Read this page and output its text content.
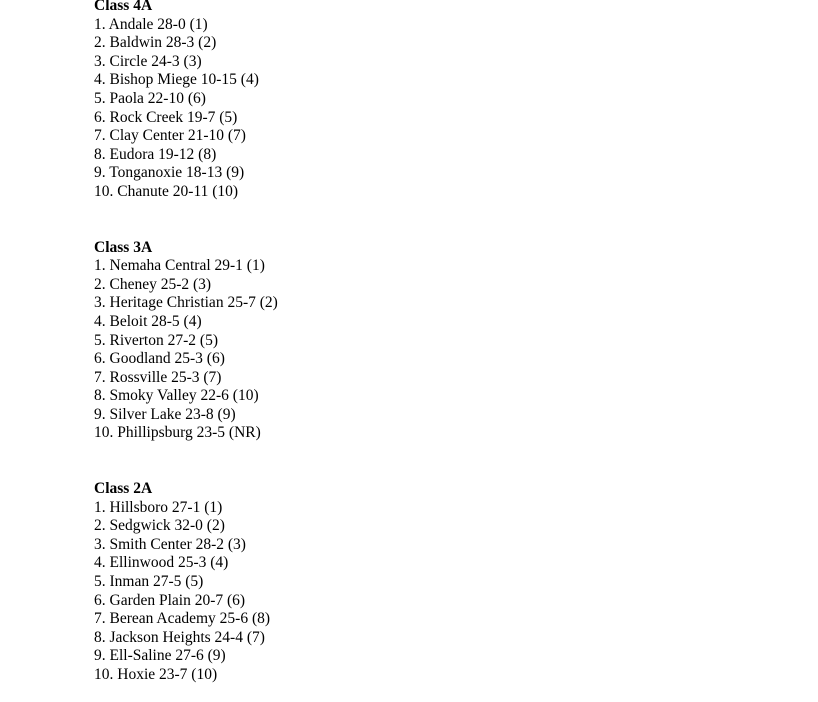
Class 4A

1. Andale 28-0 (1)
2. Baldwin 28-3 (2)
3. Circle 24-3 (3)
4. Bishop Miege 10-15 (4)
5. Paola 22-10 (6)
6. Rock Creek 19-7 (5)
7. Clay Center 21-10 (7)
8. Eudora 19-12 (8)
9. Tonganoxie 18-13 (9)
10. Chanute 20-11 (10)

Class 3A

1. Nemaha Central 29-1 (1)
2. Cheney 25-2 (3)
3. Heritage Christian 25-7 (2)
4. Beloit 28-5 (4)
5. Riverton 27-2 (5)
6. Goodland 25-3 (6)
7. Rossville 25-3 (7)
8. Smoky Valley 22-6 (10)
9. Silver Lake 23-8 (9)
10. Phillipsburg 23-5 (NR)

Class 2A

1. Hillsboro 27-1 (1)
2. Sedgwick 32-0 (2)
3. Smith Center 28-2 (3)
4. Ellinwood 25-3 (4)
5. Inman 27-5 (5)
6. Garden Plain 20-7 (6)
7. Berean Academy 25-6 (8)
8. Jackson Heights 24-4 (7)
9. Ell-Saline 27-6 (9)
10. Hoxie 23-7 (10)
